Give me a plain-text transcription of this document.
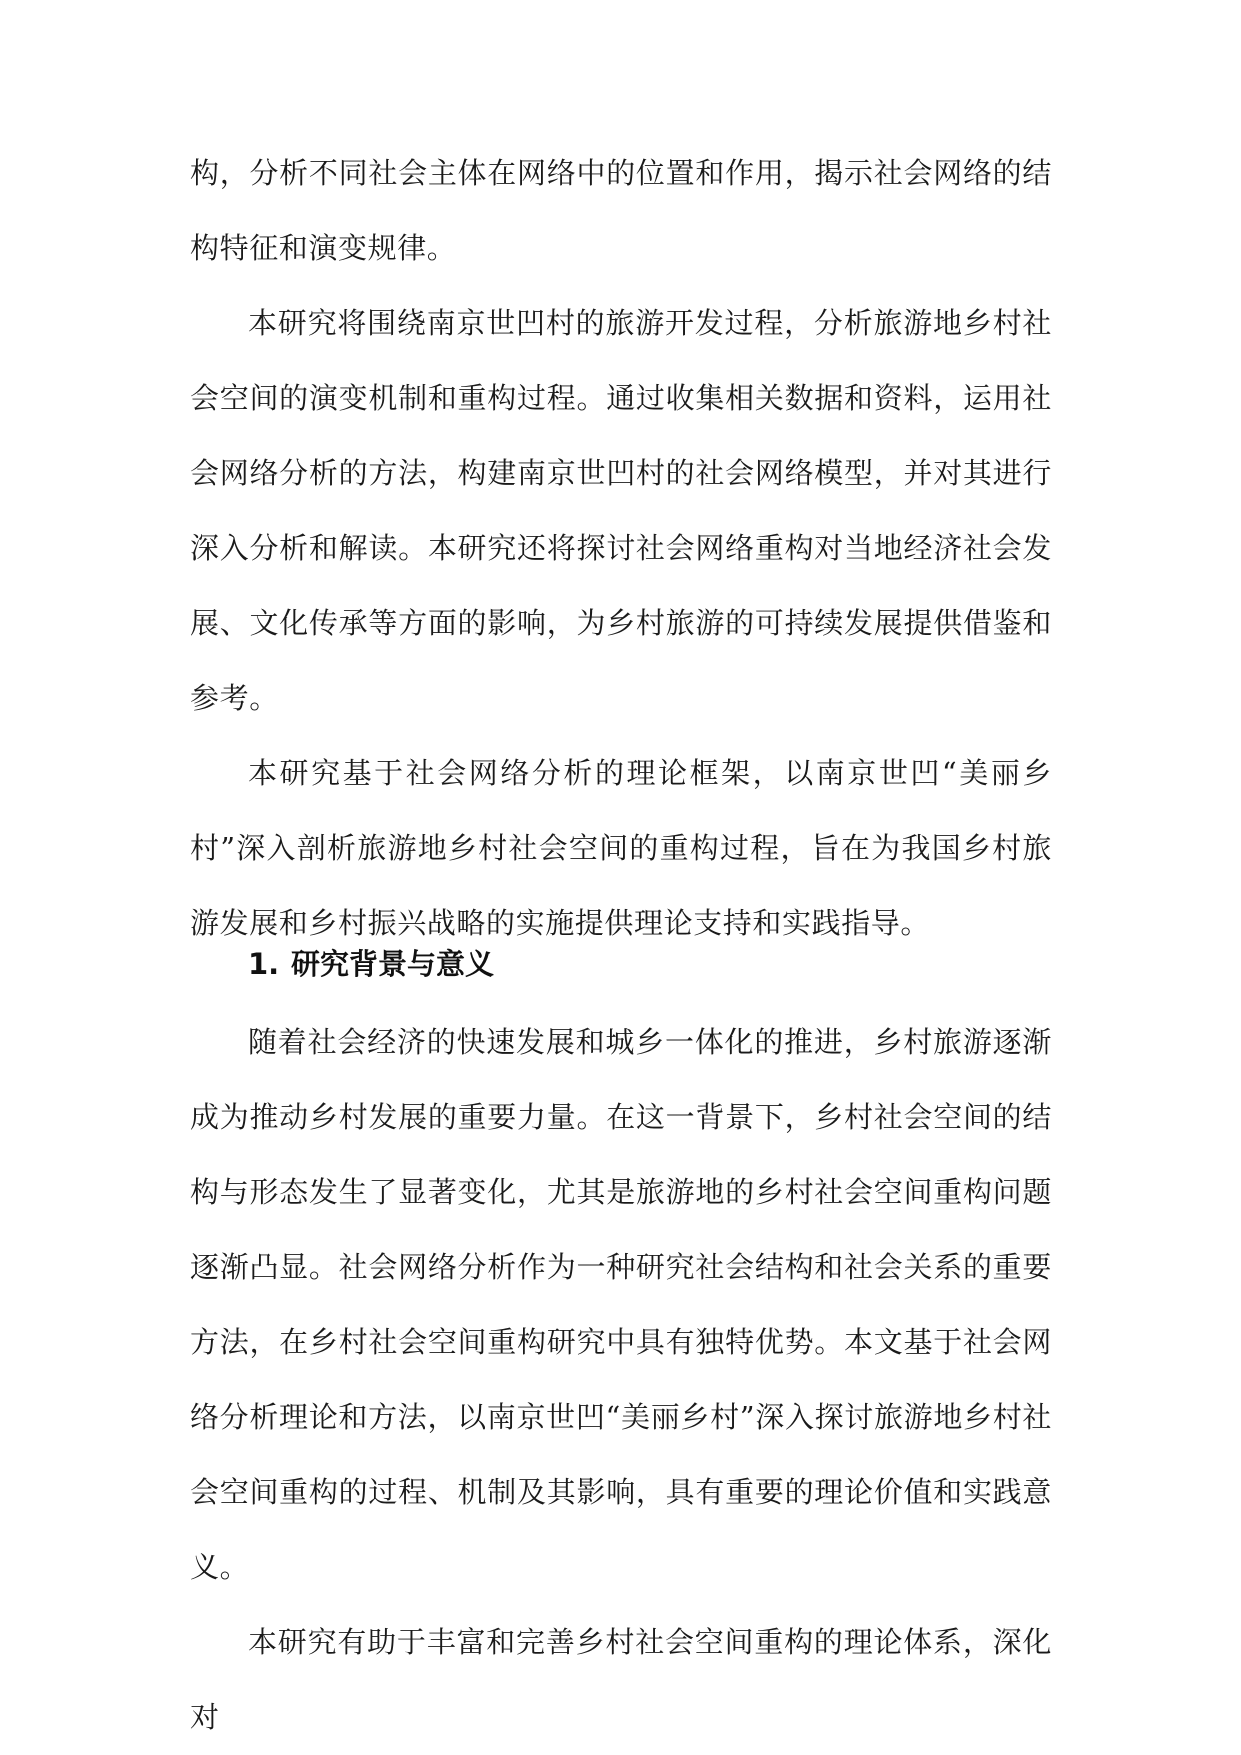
构，分析不同社会主体在网络中的位置和作用，揭示社会网络的结构特征和演变规律。

本研究将围绕南京世凹村的旅游开发过程，分析旅游地乡村社会空间的演变机制和重构过程。通过收集相关数据和资料，运用社会网络分析的方法，构建南京世凹村的社会网络模型，并对其进行深入分析和解读。本研究还将探讨社会网络重构对当地经济社会发展、文化传承等方面的影响，为乡村旅游的可持续发展提供借鉴和参考。

本研究基于社会网络分析的理论框架，以南京世凹“美丽乡村”深入剖析旅游地乡村社会空间的重构过程，旨在为我国乡村旅游发展和乡村振兴战略的实施提供理论支持和实践指导。

1. 研究背景与意义

随着社会经济的快速发展和城乡一体化的推进，乡村旅游逐渐成为推动乡村发展的重要力量。在这一背景下，乡村社会空间的结构与形态发生了显著变化，尤其是旅游地的乡村社会空间重构问题逐渐凸显。社会网络分析作为一种研究社会结构和社会关系的重要方法，在乡村社会空间重构研究中具有独特优势。本文基于社会网络分析理论和方法，以南京世凹“美丽乡村”深入探讨旅游地乡村社会空间重构的过程、机制及其影响，具有重要的理论价值和实践意义。

本研究有助于丰富和完善乡村社会空间重构的理论体系，深化对
